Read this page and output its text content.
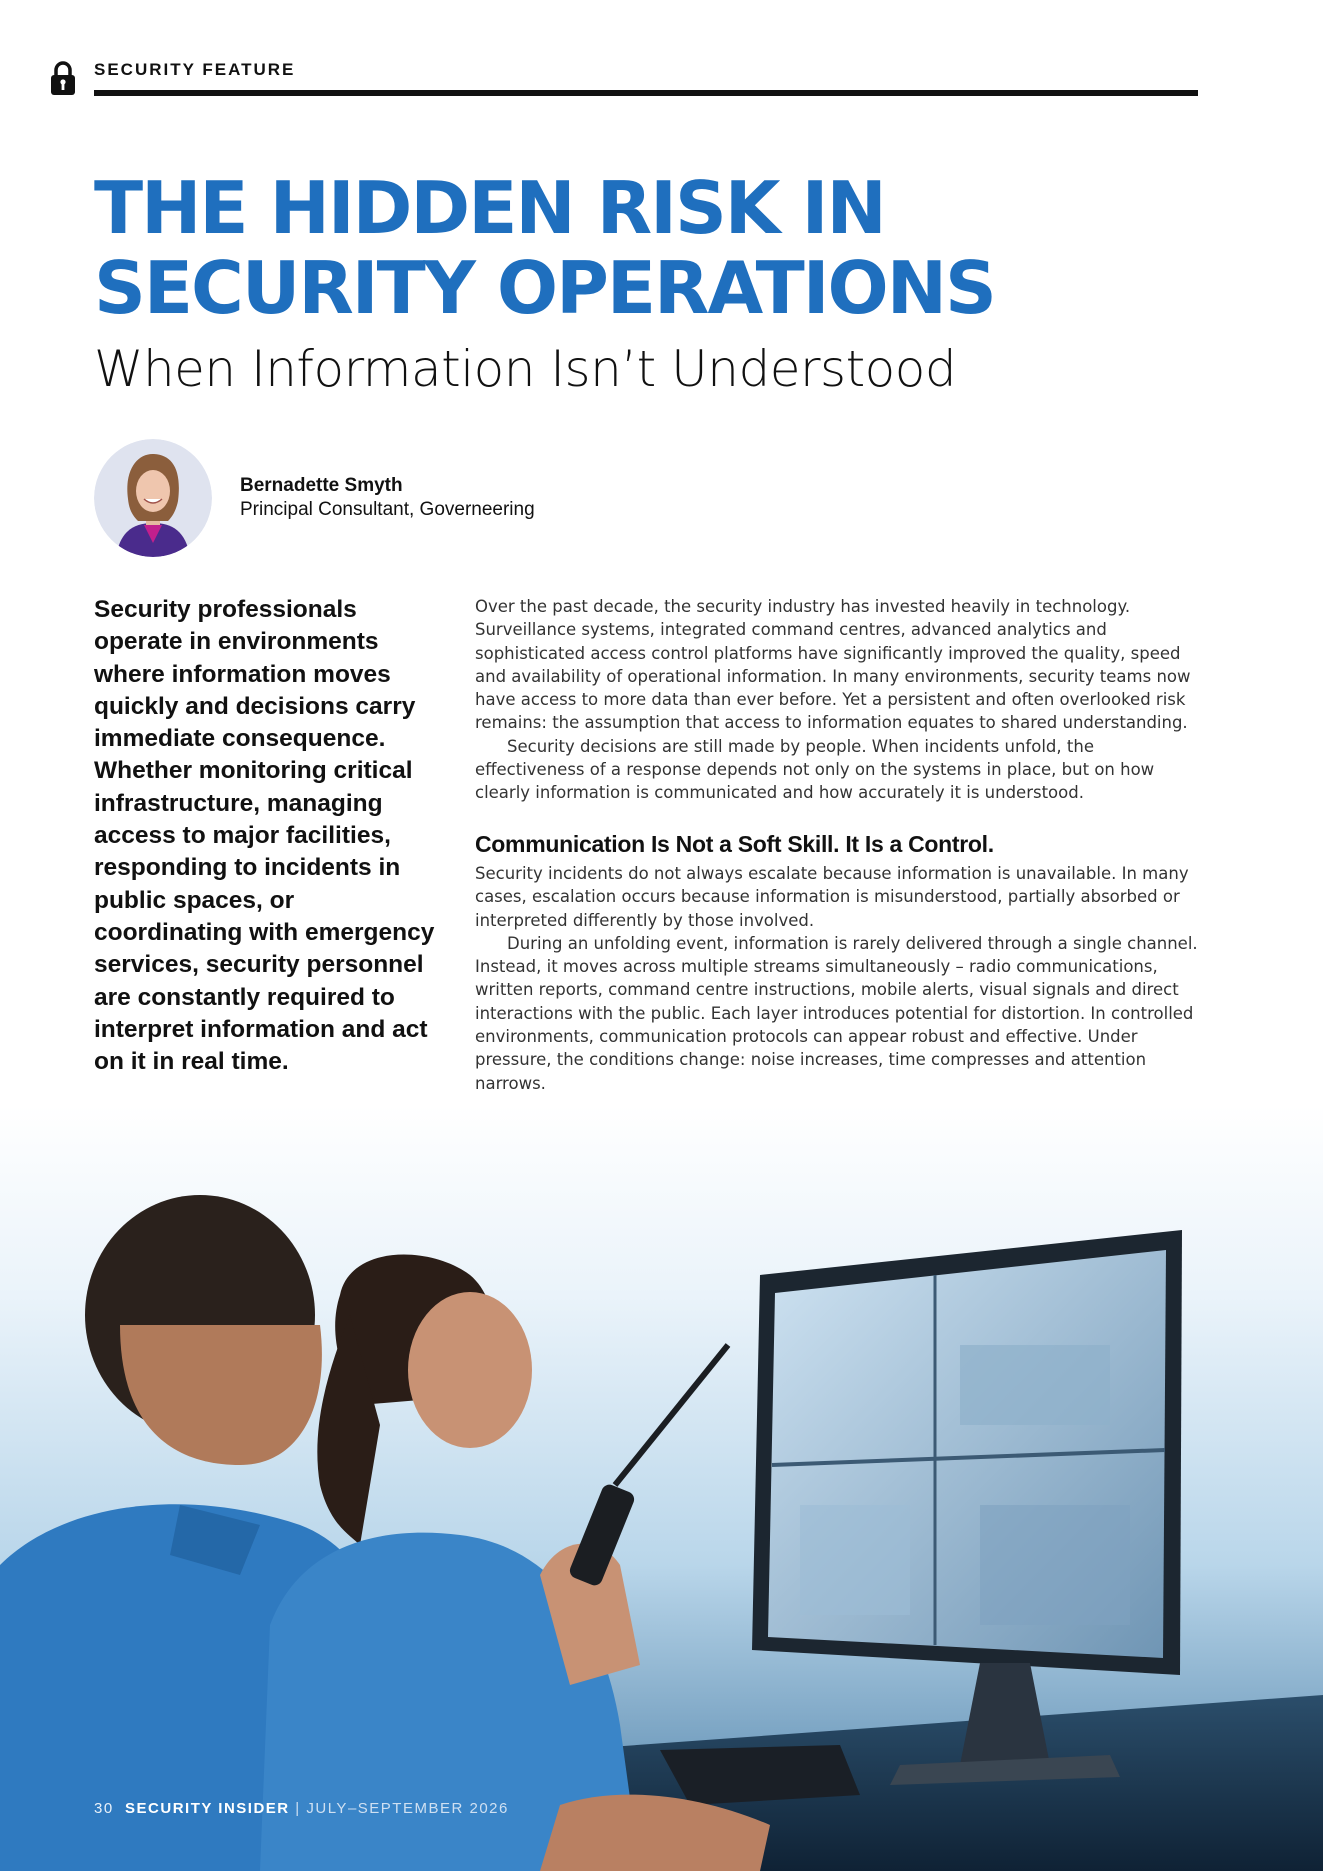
SECURITY FEATURE
THE HIDDEN RISK IN
SECURITY OPERATIONS
When Information Isn’t Understood
Bernadette Smyth
Principal Consultant, Governeering

Security professionals operate in environments where information moves quickly and decisions carry immediate consequence. Whether monitoring critical infrastructure, managing access to major facilities, responding to incidents in public spaces, or coordinating with emergency services, security personnel are constantly required to interpret information and act on it in real time.

Over the past decade, the security industry has invested heavily in technology. Surveillance systems, integrated command centres, advanced analytics and sophisticated access control platforms have significantly improved the quality, speed and availability of operational information. In many environments, security teams now have access to more data than ever before. Yet a persistent and often overlooked risk remains: the assumption that access to information equates to shared understanding.

Security decisions are still made by people. When incidents unfold, the effectiveness of a response depends not only on the systems in place, but on how clearly information is communicated and how accurately it is understood.

Communication Is Not a Soft Skill. It Is a Control.

Security incidents do not always escalate because information is unavailable. In many cases, escalation occurs because information is misunderstood, partially absorbed or interpreted differently by those involved.

During an unfolding event, information is rarely delivered through a single channel. Instead, it moves across multiple streams simultaneously – radio communications, written reports, command centre instructions, mobile alerts, visual signals and direct interactions with the public. Each layer introduces potential for distortion. In controlled environments, communication protocols can appear robust and effective. Under pressure, the conditions change: noise increases, time compresses and attention narrows.

30 SECURITY INSIDER | JULY–SEPTEMBER 2026
